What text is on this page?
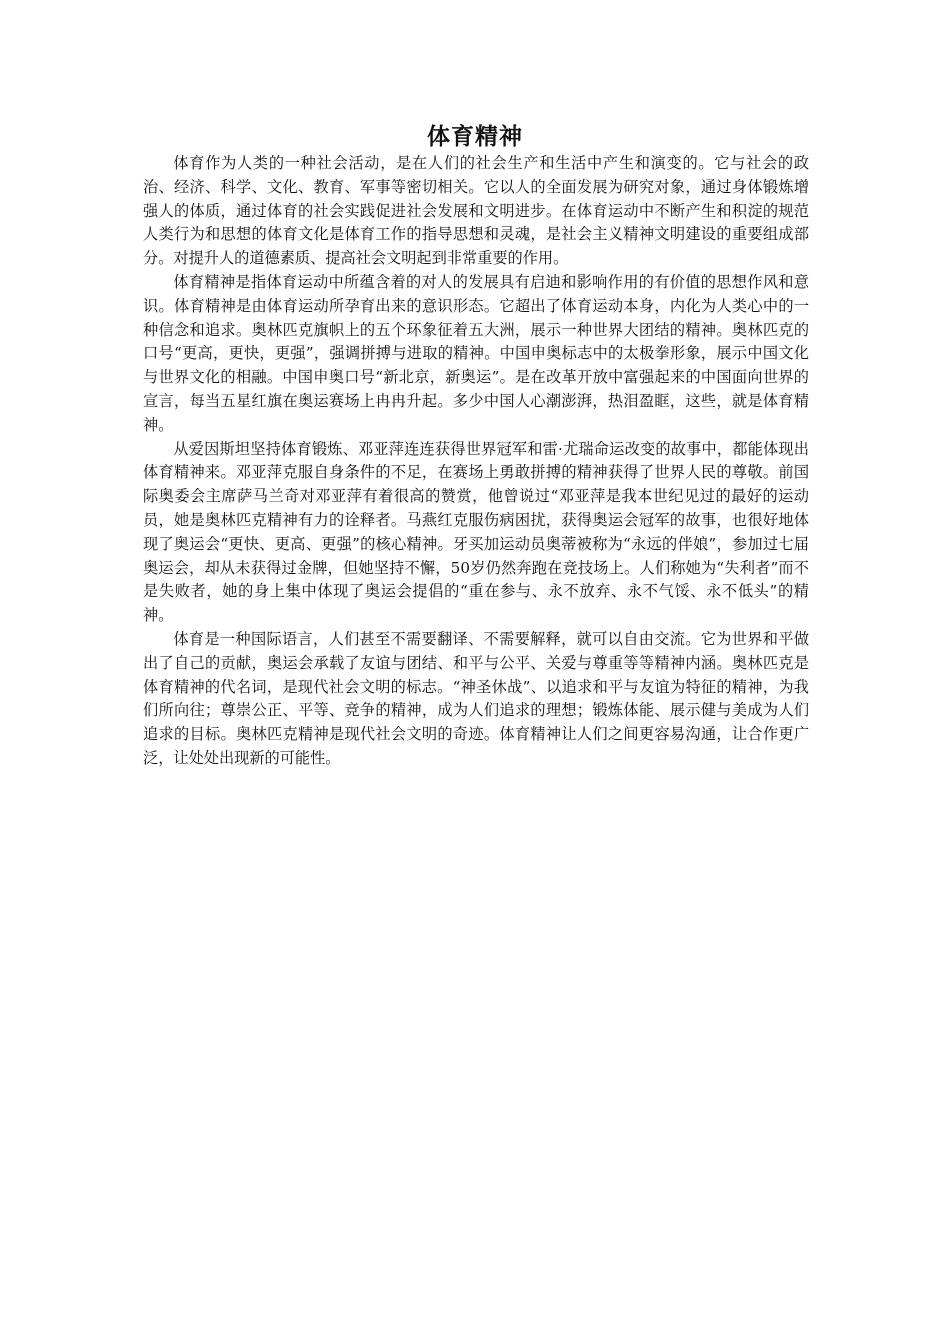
体育精神

体育作为人类的一种社会活动，是在人们的社会生产和生活中产生和演变的。它与社会的政治、经济、科学、文化、教育、军事等密切相关。它以人的全面发展为研究对象，通过身体锻炼增强人的体质，通过体育的社会实践促进社会发展和文明进步。在体育运动中不断产生和积淀的规范人类行为和思想的体育文化是体育工作的指导思想和灵魂，是社会主义精神文明建设的重要组成部分。对提升人的道德素质、提高社会文明起到非常重要的作用。

体育精神是指体育运动中所蕴含着的对人的发展具有启迪和影响作用的有价值的思想作风和意识。体育精神是由体育运动所孕育出来的意识形态。它超出了体育运动本身，内化为人类心中的一种信念和追求。奥林匹克旗帜上的五个环象征着五大洲，展示一种世界大团结的精神。奥林匹克的口号“更高，更快，更强”，强调拼搏与进取的精神。中国申奥标志中的太极拳形象，展示中国文化与世界文化的相融。中国申奥口号“新北京，新奥运”。是在改革开放中富强起来的中国面向世界的宣言，每当五星红旗在奥运赛场上冉冉升起。多少中国人心潮澎湃，热泪盈眶，这些，就是体育精神。

从爱因斯坦坚持体育锻炼、邓亚萍连连获得世界冠军和雷·尤瑞命运改变的故事中，都能体现出体育精神来。邓亚萍克服自身条件的不足，在赛场上勇敢拼搏的精神获得了世界人民的尊敬。前国际奥委会主席萨马兰奇对邓亚萍有着很高的赞赏，他曾说过“邓亚萍是我本世纪见过的最好的运动员，她是奥林匹克精神有力的诠释者。马燕红克服伤病困扰，获得奥运会冠军的故事，也很好地体现了奥运会“更快、更高、更强”的核心精神。牙买加运动员奥蒂被称为“永远的伴娘”，参加过七届奥运会，却从未获得过金牌，但她坚持不懈，50岁仍然奔跑在竞技场上。人们称她为“失利者”而不是失败者，她的身上集中体现了奥运会提倡的“重在参与、永不放弃、永不气馁、永不低头”的精神。

体育是一种国际语言，人们甚至不需要翻译、不需要解释，就可以自由交流。它为世界和平做出了自己的贡献，奥运会承载了友谊与团结、和平与公平、关爱与尊重等等精神内涵。奥林匹克是体育精神的代名词，是现代社会文明的标志。“神圣休战”、以追求和平与友谊为特征的精神，为我们所向往；尊崇公正、平等、竞争的精神，成为人们追求的理想；锻炼体能、展示健与美成为人们追求的目标。奥林匹克精神是现代社会文明的奇迹。体育精神让人们之间更容易沟通，让合作更广泛，让处处出现新的可能性。
